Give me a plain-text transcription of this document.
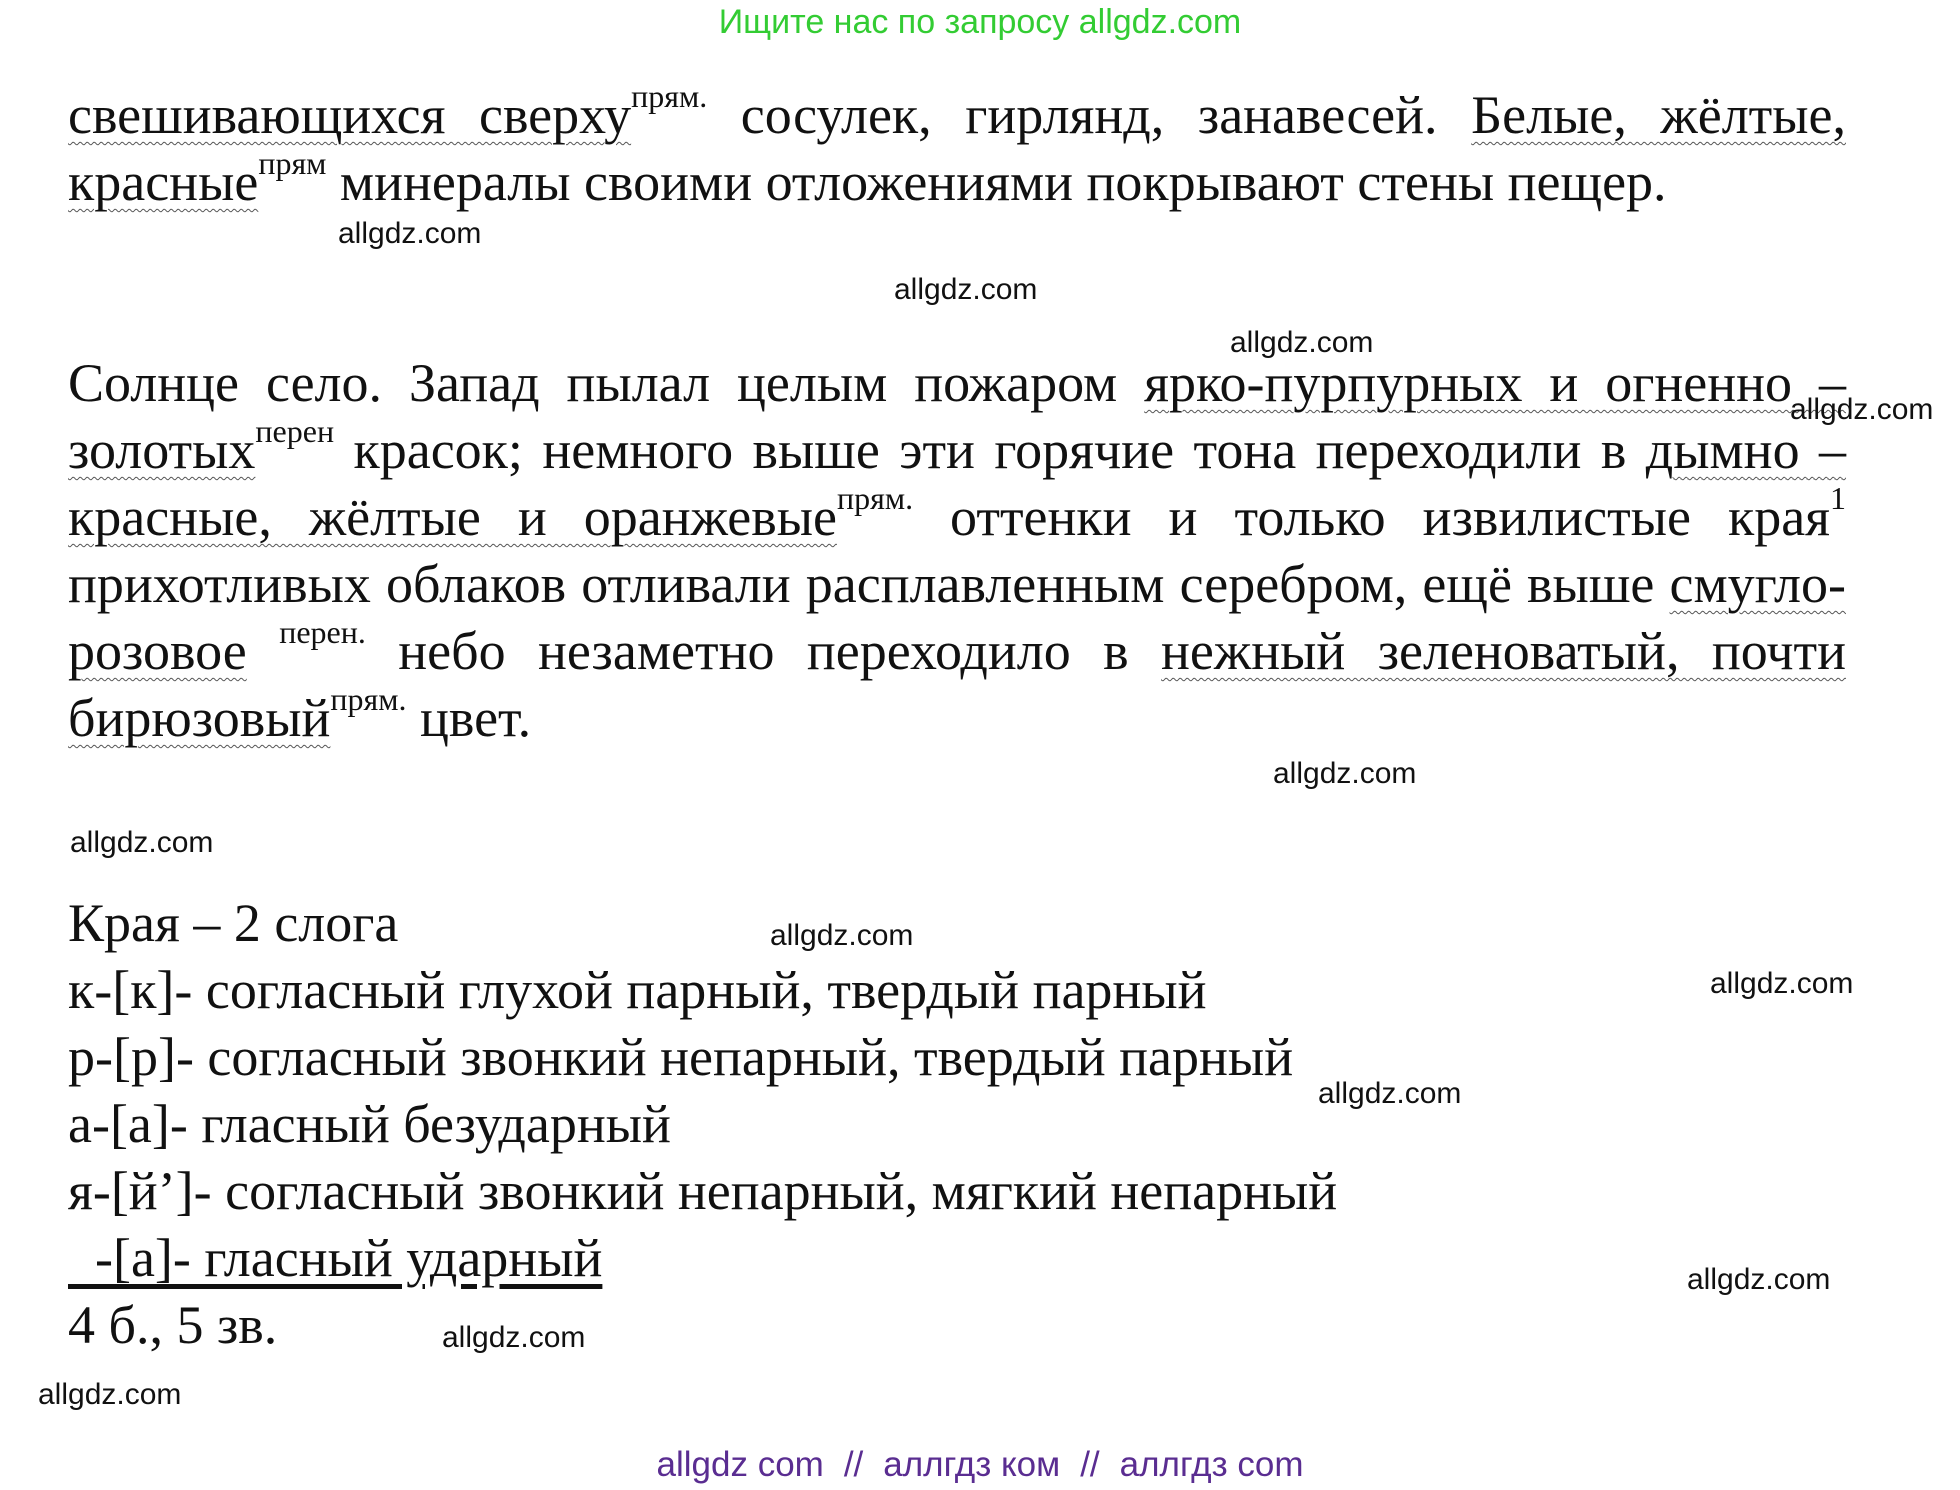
Ищите нас по запросу allgdz.com

свешивающихся сверху$^{прям.}$ сосулек, гирлянд, занавесей. Белые, жёлтые, красные$^{прям}$ минералы своими отложениями покрывают стены пещер.

Солнце село. Запад пылал целым пожаром ярко-пурпурных и огненно – золотых$^{перен}$ красок; немного выше эти горячие тона переходили в дымно – красные, жёлтые и оранжевые$^{прям.}$ оттенки и только извилистые края$^1$ прихотливых облаков отливали расплавленным серебром, ещё выше смугло-розовое $^{перен.}$ небо незаметно переходило в нежный зеленоватый, почти бирюзовый$^{прям.}$ цвет.

Края – 2 слога
к-[к]- согласный глухой парный, твердый парный
р-[р]- согласный звонкий непарный, твердый парный
а-[а]- гласный безударный
я-[й’]- согласный звонкий непарный, мягкий непарный
-[а]- гласный ударный
4 б., 5 зв.
allgdz.com
allgdz.com
allgdz.com
allgdz.com
allgdz.com
allgdz.com
allgdz.com
allgdz.com
allgdz.com
allgdz.com
allgdz.com
allgdz.com
allgdz com // аллгдз ком // аллгдз com
